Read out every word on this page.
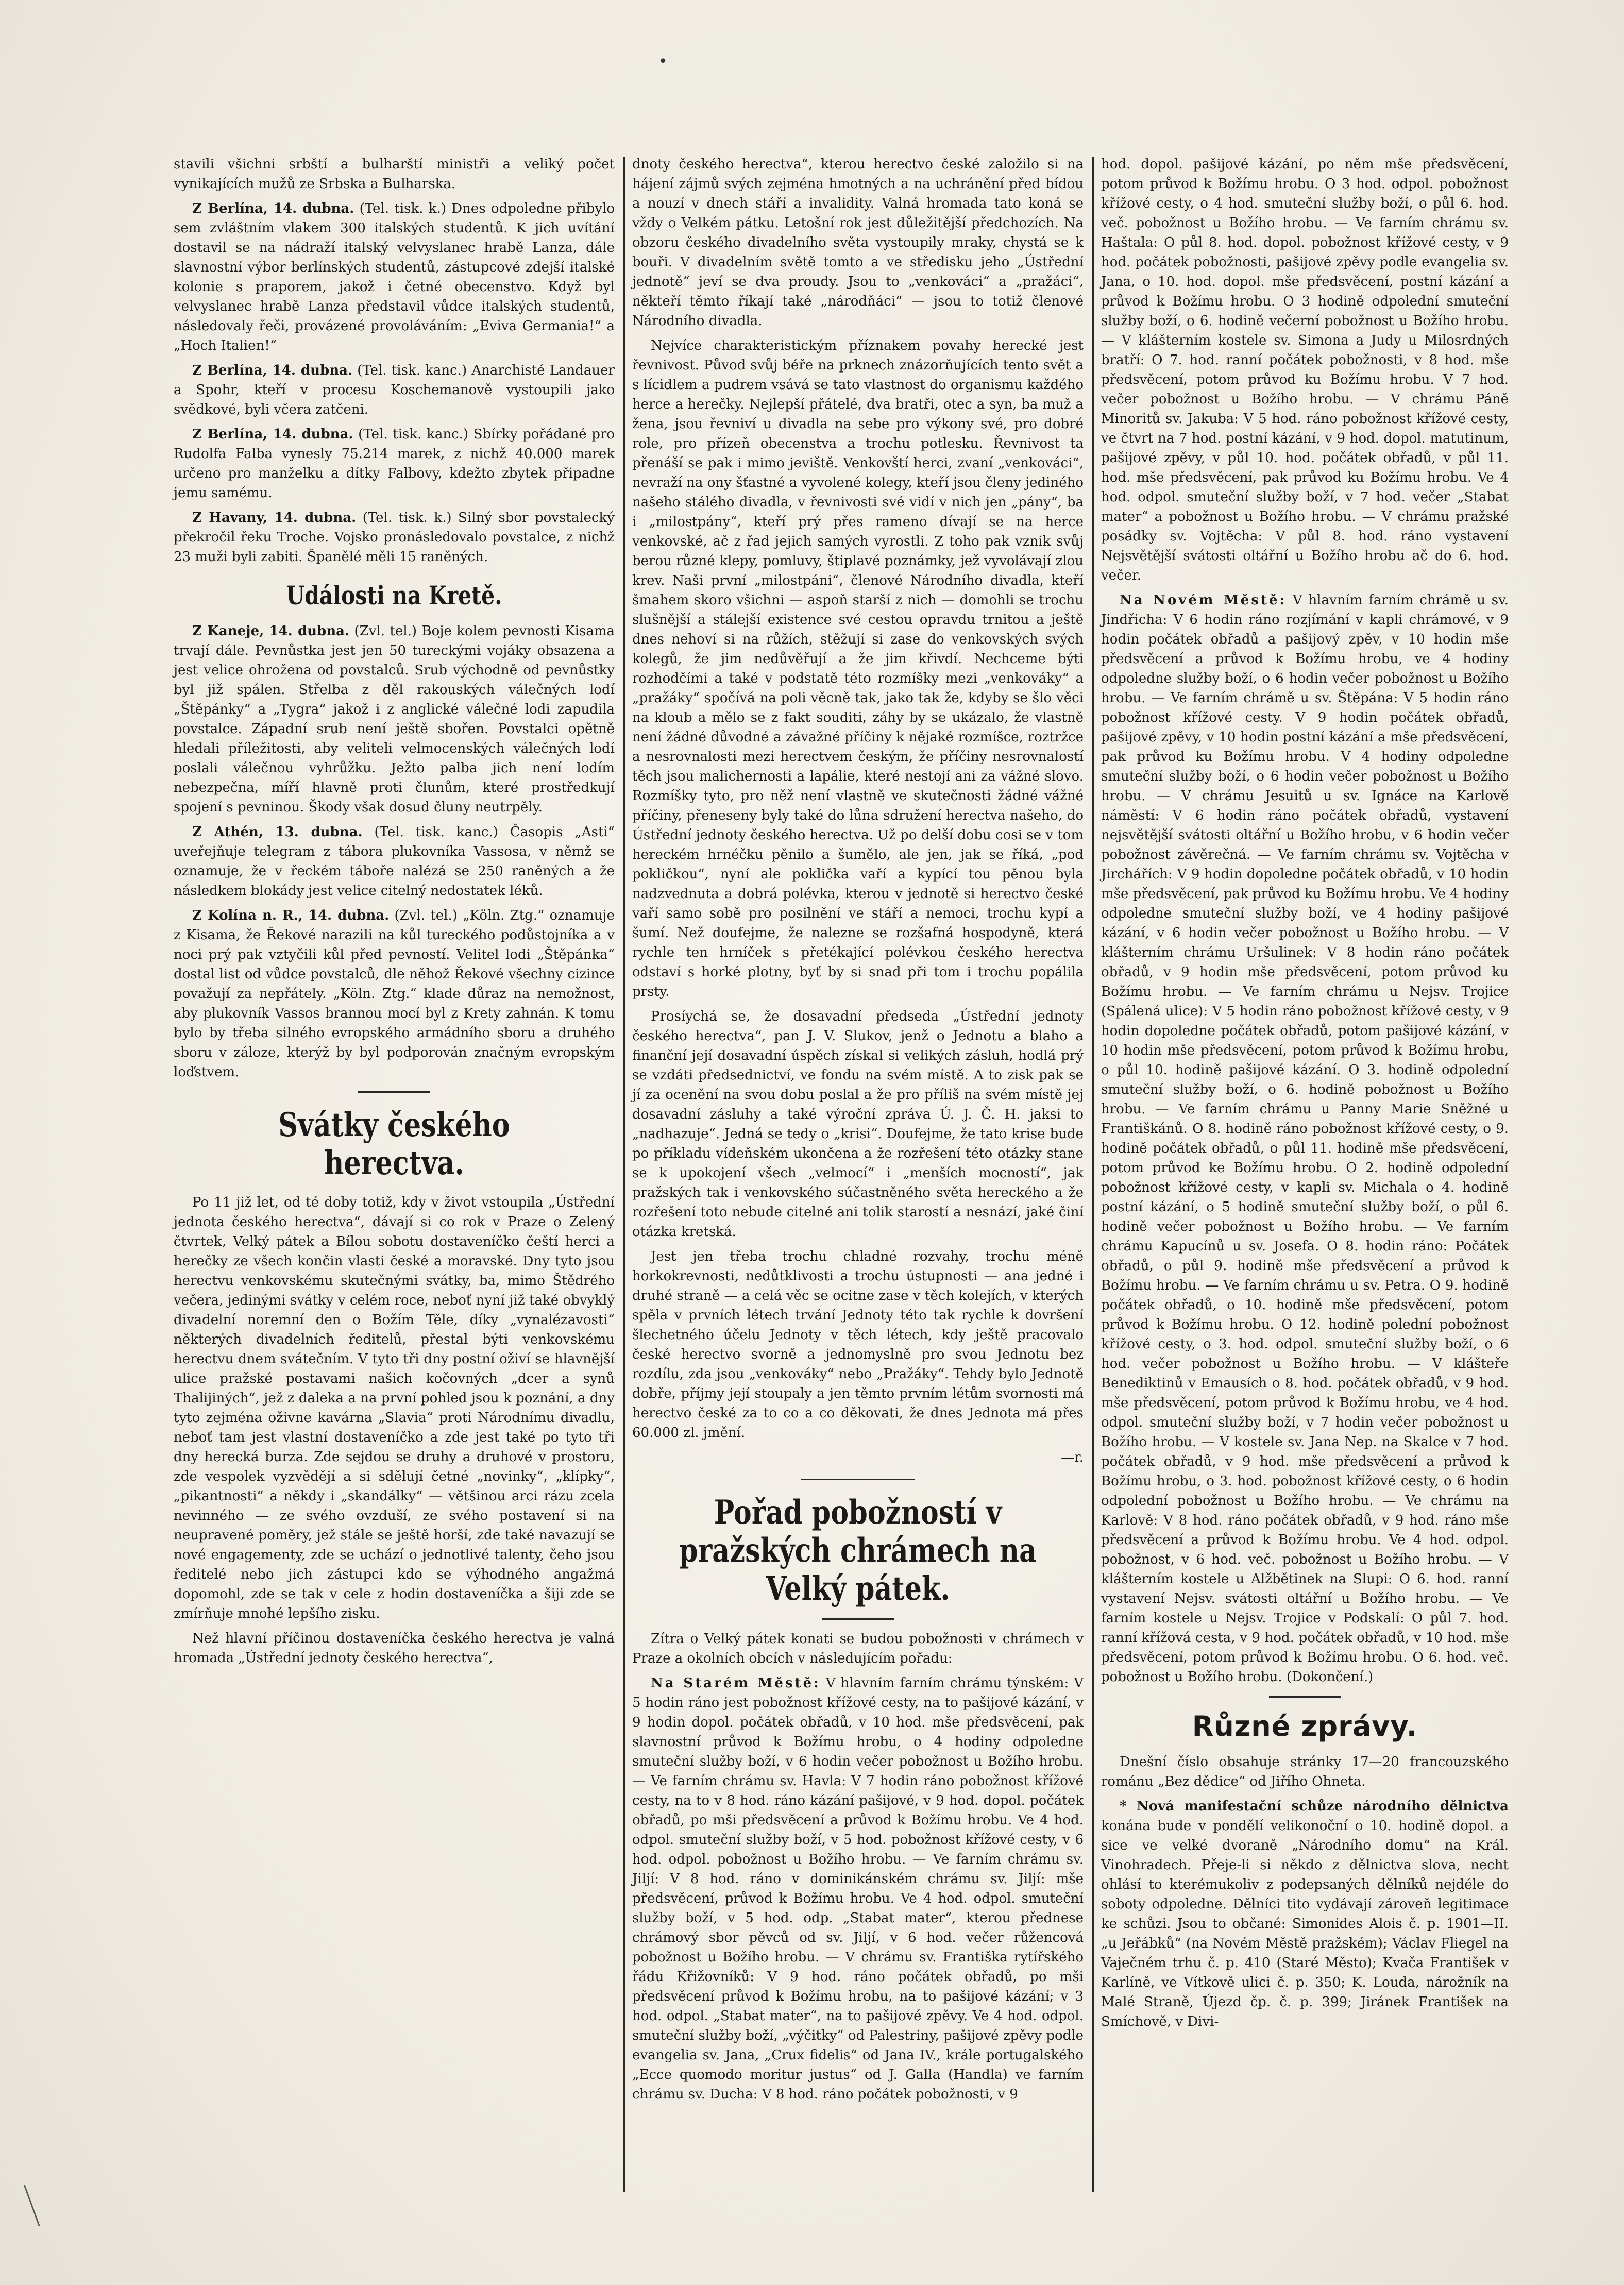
•

stavili všichni srbští a bulharští ministři a veliký počet vynikajících mužů ze Srbska a Bulharska.

Z Berlína, 14. dubna. (Tel. tisk. k.) Dnes odpoledne přibylo sem zvláštním vlakem 300 italských studentů. K jich uvítání dostavil se na nádraží italský velvyslanec hrabě Lanza, dále slavnostní výbor berlínských studentů, zástupcové zdejší italské kolonie s praporem, jakož i četné obecenstvo. Když byl velvyslanec hrabě Lanza představil vůdce italských studentů, následovaly řeči, provázené provoláváním: „Eviva Germania!“ a „Hoch Italien!“

Z Berlína, 14. dubna. (Tel. tisk. kanc.) Anarchisté Landauer a Spohr, kteří v procesu Koschemanově vystoupili jako svědkové, byli včera zatčeni.

Z Berlína, 14. dubna. (Tel. tisk. kanc.) Sbírky pořádané pro Rudolfa Falba vynesly 75.214 marek, z nichž 40.000 marek určeno pro manželku a dítky Falbovy, kdežto zbytek připadne jemu samému.

Z Havany, 14. dubna. (Tel. tisk. k.) Silný sbor povstalecký překročil řeku Troche. Vojsko pronásledovalo povstalce, z nichž 23 muži byli zabiti. Španělé měli 15 raněných.

Události na Kretě.

Z Kaneje, 14. dubna. (Zvl. tel.) Boje kolem pevnosti Kisama trvají dále. Pevnůstka jest jen 50 tureckými vojáky obsazena a jest velice ohrožena od povstalců. Srub východně od pevnůstky byl již spálen. Střelba z děl rakouských válečných lodí „Štěpánky“ a „Tygra“ jakož i z anglické válečné lodi zapudila povstalce. Západní srub není ještě sbořen. Povstalci opětně hledali příležitosti, aby veliteli velmocenských válečných lodí poslali válečnou vyhrůžku. Ježto palba jich není lodím nebezpečna, míří hlavně proti člunům, které prostředkují spojení s pevninou. Škody však dosud čluny neutrpěly.

Z Athén, 13. dubna. (Tel. tisk. kanc.) Časopis „Asti“ uveřejňuje telegram z tábora plukovníka Vassosa, v němž se oznamuje, že v řeckém táboře nalézá se 250 raněných a že následkem blokády jest velice citelný nedostatek léků.

Z Kolína n. R., 14. dubna. (Zvl. tel.) „Köln. Ztg.“ oznamuje z Kisama, že Řekové narazili na kůl tureckého podůstojníka a v noci prý pak vztyčili kůl před pevností. Velitel lodi „Štěpánka“ dostal list od vůdce povstalců, dle něhož Řekové všechny cizince považují za nepřátely. „Köln. Ztg.“ klade důraz na nemožnost, aby plukovník Vassos brannou mocí byl z Krety zahnán. K tomu bylo by třeba silného evropského armádního sboru a druhého sboru v záloze, kterýž by byl podporován značným evropským loďstvem.

Svátky českého herectva.

Po 11 již let, od té doby totiž, kdy v život vstoupila „Ústřední jednota českého herectva“, dávají si co rok v Praze o Zelený čtvrtek, Velký pátek a Bílou sobotu dostaveníčko čeští herci a herečky ze všech končin vlasti české a moravské. Dny tyto jsou herectvu venkovskému skutečnými svátky, ba, mimo Štědrého večera, jedinými svátky v celém roce, neboť nyní již také obvyklý divadelní noremní den o Božím Těle, díky „vynalézavosti“ některých divadelních ředitelů, přestal býti venkovskému herectvu dnem svátečním. V tyto tři dny postní oživí se hlavnější ulice pražské postavami našich kočovných „dcer a synů Thalijiných“, jež z daleka a na první pohled jsou k poznání, a dny tyto zejména oživne kavárna „Slavia“ proti Národnímu divadlu, neboť tam jest vlastní dostaveníčko a zde jest také po tyto tři dny herecká burza. Zde sejdou se druhy a druhové v prostoru, zde vespolek vyzvědějí a si sdělují četné „novinky“, „klípky“, „pikantnosti“ a někdy i „skandálky“ — většinou arci rázu zcela nevinného — ze svého ovzduší, ze svého postavení si na neupravené poměry, jež stále se ještě horší, zde také navazují se nové engagementy, zde se uchází o jednotlivé talenty, čeho jsou ředitelé nebo jich zástupci kdo se výhodného angažmá dopomohl, zde se tak v cele z hodin dostaveníčka a šiji zde se zmírňuje mnohé lepšího zisku.

Než hlavní příčinou dostaveníčka českého herectva je valná hromada „Ústřední jednoty českého herectva“,

dnoty českého herectva“, kterou herectvo české založilo si na hájení zájmů svých zejména hmotných a na uchránění před bídou a nouzí v dnech stáří a invalidity. Valná hromada tato koná se vždy o Velkém pátku. Letošní rok jest důležitější předchozích. Na obzoru českého divadelního světa vystoupily mraky, chystá se k bouři. V divadelním světě tomto a ve středisku jeho „Ústřední jednotě“ jeví se dva proudy. Jsou to „venkováci“ a „pražáci“, někteří těmto říkají také „národňáci“ — jsou to totiž členové Národního divadla.

Nejvíce charakteristickým příznakem povahy herecké jest řevnivost. Původ svůj béře na prknech znázorňujících tento svět a s lícidlem a pudrem vsává se tato vlastnost do organismu každého herce a herečky. Nejlepší přátelé, dva bratři, otec a syn, ba muž a žena, jsou řevniví u divadla na sebe pro výkony své, pro dobré role, pro přízeň obecenstva a trochu potlesku. Řevnivost ta přenáší se pak i mimo jeviště. Venkovští herci, zvaní „venkováci“, nevraží na ony šťastné a vyvolené kolegy, kteří jsou členy jediného našeho stálého divadla, v řevnivosti své vidí v nich jen „pány“, ba i „milostpány“, kteří prý přes rameno dívají se na herce venkovské, ač z řad jejich samých vyrostli. Z toho pak vznik svůj berou různé klepy, pomluvy, štiplavé poznámky, jež vyvolávají zlou krev. Naši první „milostpáni“, členové Národního divadla, kteří šmahem skoro všichni — aspoň starší z nich — domohli se trochu slušnější a stálejší existence své cestou opravdu trnitou a ještě dnes nehoví si na růžích, stěžují si zase do venkovských svých kolegů, že jim nedůvěřují a že jim křivdí. Nechceme býti rozhodčími a také v podstatě této rozmíšky mezi „venkováky“ a „pražáky“ spočívá na poli věcně tak, jako tak že, kdyby se šlo věci na kloub a mělo se z fakt souditi, záhy by se ukázalo, že vlastně není žádné důvodné a závažné příčiny k nějaké rozmíšce, roztržce a nesrovnalosti mezi herectvem českým, že příčiny nesrovnalostí těch jsou malichernosti a lapálie, které nestojí ani za vážné slovo. Rozmíšky tyto, pro něž není vlastně ve skutečnosti žádné vážné příčiny, přeneseny byly také do lůna sdružení herectva našeho, do Ústřední jednoty českého herectva. Už po delší dobu cosi se v tom hereckém hrnéčku pěnilo a šumělo, ale jen, jak se říká, „pod pokličkou“, nyní ale poklička vaří a kypící tou pěnou byla nadzvednuta a dobrá polévka, kterou v jednotě si herectvo české vaří samo sobě pro posilnění ve stáří a nemoci, trochu kypí a šumí. Než doufejme, že nalezne se rozšafná hospodyně, která rychle ten hrníček s přetékající polévkou českého herectva odstaví s horké plotny, byť by si snad při tom i trochu popálila prsty.

Prosíychá se, že dosavadní předseda „Ústřední jednoty českého herectva“, pan J. V. Slukov, jenž o Jednotu a blaho a finanční její dosavadní úspěch získal si velikých zásluh, hodlá prý se vzdáti předsednictví, ve fondu na svém místě. A to zisk pak se jí za ocenění na svou dobu poslal a že pro příliš na svém místě jej dosavadní zásluhy a také výroční zpráva Ú. J. Č. H. jaksi to „nadhazuje“. Jedná se tedy o „krisi“. Doufejme, že tato krise bude po příkladu vídeňském ukončena a že rozřešení této otázky stane se k upokojení všech „velmocí“ i „menších mocností“, jak pražských tak i venkovského súčastněného světa hereckého a že rozřešení toto nebude citelné ani tolik starostí a nesnází, jaké činí otázka kretská.

Jest jen třeba trochu chladné rozvahy, trochu méně horkokrevnosti, nedůtklivosti a trochu ústupnosti — ana jedné i druhé straně — a celá věc se ocitne zase v těch kolejích, v kterých spěla v prvních létech trvání Jednoty této tak rychle k dovršení šlechetného účelu Jednoty v těch létech, kdy ještě pracovalo české herectvo svorně a jednomyslně pro svou Jednotu bez rozdílu, zda jsou „venkováky“ nebo „Pražáky“. Tehdy bylo Jednotě dobře, příjmy její stoupaly a jen těmto prvním létům svornosti má herectvo české za to co a co děkovati, že dnes Jednota má přes 60.000 zl. jmění.

—r.

Pořad pobožností v pražských chrámech na Velký pátek.

Zítra o Velký pátek konati se budou pobožnosti v chrámech v Praze a okolních obcích v následujícím pořadu:

Na Starém Městě: V hlavním farním chrámu týnském: V 5 hodin ráno jest pobožnost křížové cesty, na to pašijové kázání, v 9 hodin dopol. počátek obřadů, v 10 hod. mše předsvěcení, pak slavnostní průvod k Božímu hrobu, o 4 hodiny odpoledne smuteční služby boží, v 6 hodin večer pobožnost u Božího hrobu. — Ve farním chrámu sv. Havla: V 7 hodin ráno pobožnost křížové cesty, na to v 8 hod. ráno kázání pašijové, v 9 hod. dopol. počátek obřadů, po mši předsvěcení a průvod k Božímu hrobu. Ve 4 hod. odpol. smuteční služby boží, v 5 hod. pobožnost křížové cesty, v 6 hod. odpol. pobožnost u Božího hrobu. — Ve farním chrámu sv. Jiljí: V 8 hod. ráno v dominikánském chrámu sv. Jiljí: mše předsvěcení, průvod k Božímu hrobu. Ve 4 hod. odpol. smuteční služby boží, v 5 hod. odp. „Stabat mater“, kterou přednese chrámový sbor pěvců od sv. Jiljí, v 6 hod. večer růžencová pobožnost u Božího hrobu. — V chrámu sv. Františka rytířského řádu Křižovníků: V 9 hod. ráno počátek obřadů, po mši předsvěcení průvod k Božímu hrobu, na to pašijové kázání; v 3 hod. odpol. „Stabat mater“, na to pašijové zpěvy. Ve 4 hod. odpol. smuteční služby boží, „výčitky“ od Palestriny, pašijové zpěvy podle evangelia sv. Jana, „Crux fidelis“ od Jana IV., krále portugalského „Ecce quomodo moritur justus“ od J. Galla (Handla) ve farním chrámu sv. Ducha: V 8 hod. ráno počátek pobožnosti, v 9

hod. dopol. pašijové kázání, po něm mše předsvěcení, potom průvod k Božímu hrobu. O 3 hod. odpol. pobožnost křížové cesty, o 4 hod. smuteční služby boží, o půl 6. hod. več. pobožnost u Božího hrobu. — Ve farním chrámu sv. Haštala: O půl 8. hod. dopol. pobožnost křížové cesty, v 9 hod. počátek pobožnosti, pašijové zpěvy podle evangelia sv. Jana, o 10. hod. dopol. mše předsvěcení, postní kázání a průvod k Božímu hrobu. O 3 hodině odpolední smuteční služby boží, o 6. hodině večerní pobožnost u Božího hrobu. — V klášterním kostele sv. Simona a Judy u Milosrdných bratří: O 7. hod. ranní počátek pobožnosti, v 8 hod. mše předsvěcení, potom průvod ku Božímu hrobu. V 7 hod. večer pobožnost u Božího hrobu. — V chrámu Páně Minoritů sv. Jakuba: V 5 hod. ráno pobožnost křížové cesty, ve čtvrt na 7 hod. postní kázání, v 9 hod. dopol. matutinum, pašijové zpěvy, v půl 10. hod. počátek obřadů, v půl 11. hod. mše předsvěcení, pak průvod ku Božímu hrobu. Ve 4 hod. odpol. smuteční služby boží, v 7 hod. večer „Stabat mater“ a pobožnost u Božího hrobu. — V chrámu pražské posádky sv. Vojtěcha: V půl 8. hod. ráno vystavení Nejsvětější svátosti oltářní u Božího hrobu ač do 6. hod. večer.

Na Novém Městě: V hlavním farním chrámě u sv. Jindřicha: V 6 hodin ráno rozjímání v kapli chrámové, v 9 hodin počátek obřadů a pašijový zpěv, v 10 hodin mše předsvěcení a průvod k Božímu hrobu, ve 4 hodiny odpoledne služby boží, o 6 hodin večer pobožnost u Božího hrobu. — Ve farním chrámě u sv. Štěpána: V 5 hodin ráno pobožnost křížové cesty. V 9 hodin počátek obřadů, pašijové zpěvy, v 10 hodin postní kázání a mše předsvěcení, pak průvod ku Božímu hrobu. V 4 hodiny odpoledne smuteční služby boží, o 6 hodin večer pobožnost u Božího hrobu. — V chrámu Jesuitů u sv. Ignáce na Karlově náměstí: V 6 hodin ráno počátek obřadů, vystavení nejsvětější svátosti oltářní u Božího hrobu, v 6 hodin večer pobožnost závěrečná. — Ve farním chrámu sv. Vojtěcha v Jirchářích: V 9 hodin dopoledne počátek obřadů, v 10 hodin mše předsvěcení, pak průvod ku Božímu hrobu. Ve 4 hodiny odpoledne smuteční služby boží, ve 4 hodiny pašijové kázání, v 6 hodin večer pobožnost u Božího hrobu. — V klášterním chrámu Uršulinek: V 8 hodin ráno počátek obřadů, v 9 hodin mše předsvěcení, potom průvod ku Božímu hrobu. — Ve farním chrámu u Nejsv. Trojice (Spálená ulice): V 5 hodin ráno pobožnost křížové cesty, v 9 hodin dopoledne počátek obřadů, potom pašijové kázání, v 10 hodin mše předsvěcení, potom průvod k Božímu hrobu, o půl 10. hodině pašijové kázání. O 3. hodině odpolední smuteční služby boží, o 6. hodině pobožnost u Božího hrobu. — Ve farním chrámu u Panny Marie Sněžné u Františkánů. O 8. hodině ráno pobožnost křížové cesty, o 9. hodině počátek obřadů, o půl 11. hodině mše předsvěcení, potom průvod ke Božímu hrobu. O 2. hodině odpolední pobožnost křížové cesty, v kapli sv. Michala o 4. hodině postní kázání, o 5 hodině smuteční služby boží, o půl 6. hodině večer pobožnost u Božího hrobu. — Ve farním chrámu Kapucínů u sv. Josefa. O 8. hodin ráno: Počátek obřadů, o půl 9. hodině mše předsvěcení a průvod k Božímu hrobu. — Ve farním chrámu u sv. Petra. O 9. hodině počátek obřadů, o 10. hodině mše předsvěcení, potom průvod k Božímu hrobu. O 12. hodině polední pobožnost křížové cesty, o 3. hod. odpol. smuteční služby boží, o 6 hod. večer pobožnost u Božího hrobu. — V klášteře Benediktinů v Emausích o 8. hod. počátek obřadů, v 9 hod. mše předsvěcení, potom průvod k Božímu hrobu, ve 4 hod. odpol. smuteční služby boží, v 7 hodin večer pobožnost u Božího hrobu. — V kostele sv. Jana Nep. na Skalce v 7 hod. počátek obřadů, v 9 hod. mše předsvěcení a průvod k Božímu hrobu, o 3. hod. pobožnost křížové cesty, o 6 hodin odpolední pobožnost u Božího hrobu. — Ve chrámu na Karlově: V 8 hod. ráno počátek obřadů, v 9 hod. ráno mše předsvěcení a průvod k Božímu hrobu. Ve 4 hod. odpol. pobožnost, v 6 hod. več. pobožnost u Božího hrobu. — V klášterním kostele u Alžbětinek na Slupi: O 6. hod. ranní vystavení Nejsv. svátosti oltářní u Božího hrobu. — Ve farním kostele u Nejsv. Trojice v Podskalí: O půl 7. hod. ranní křížová cesta, v 9 hod. počátek obřadů, v 10 hod. mše předsvěcení, potom průvod k Božímu hrobu. O 6. hod. več. pobožnost u Božího hrobu. (Dokončení.)

Různé zprávy.

Dnešní číslo obsahuje stránky 17—20 francouzského románu „Bez dědice“ od Jiřího Ohneta.

* Nová manifestační schůze národního dělnictva konána bude v pondělí velikonoční o 10. hodině dopol. a sice ve velké dvoraně „Národního domu“ na Král. Vinohradech. Přeje-li si někdo z dělnictva slova, necht ohlásí to kterémukoliv z podepsaných dělníků nejdéle do soboty odpoledne. Dělníci tito vydávají zároveň legitimace ke schůzi. Jsou to občané: Simonides Alois č. p. 1901—II. „u Jeřábků“ (na Novém Městě pražském); Václav Fliegel na Vaječném trhu č. p. 410 (Staré Město); Kvača František v Karlíně, ve Vítkově ulici č. p. 350; K. Louda, nárožník na Malé Straně, Újezd čp. č. p. 399; Jiránek František na Smíchově, v Divi-
